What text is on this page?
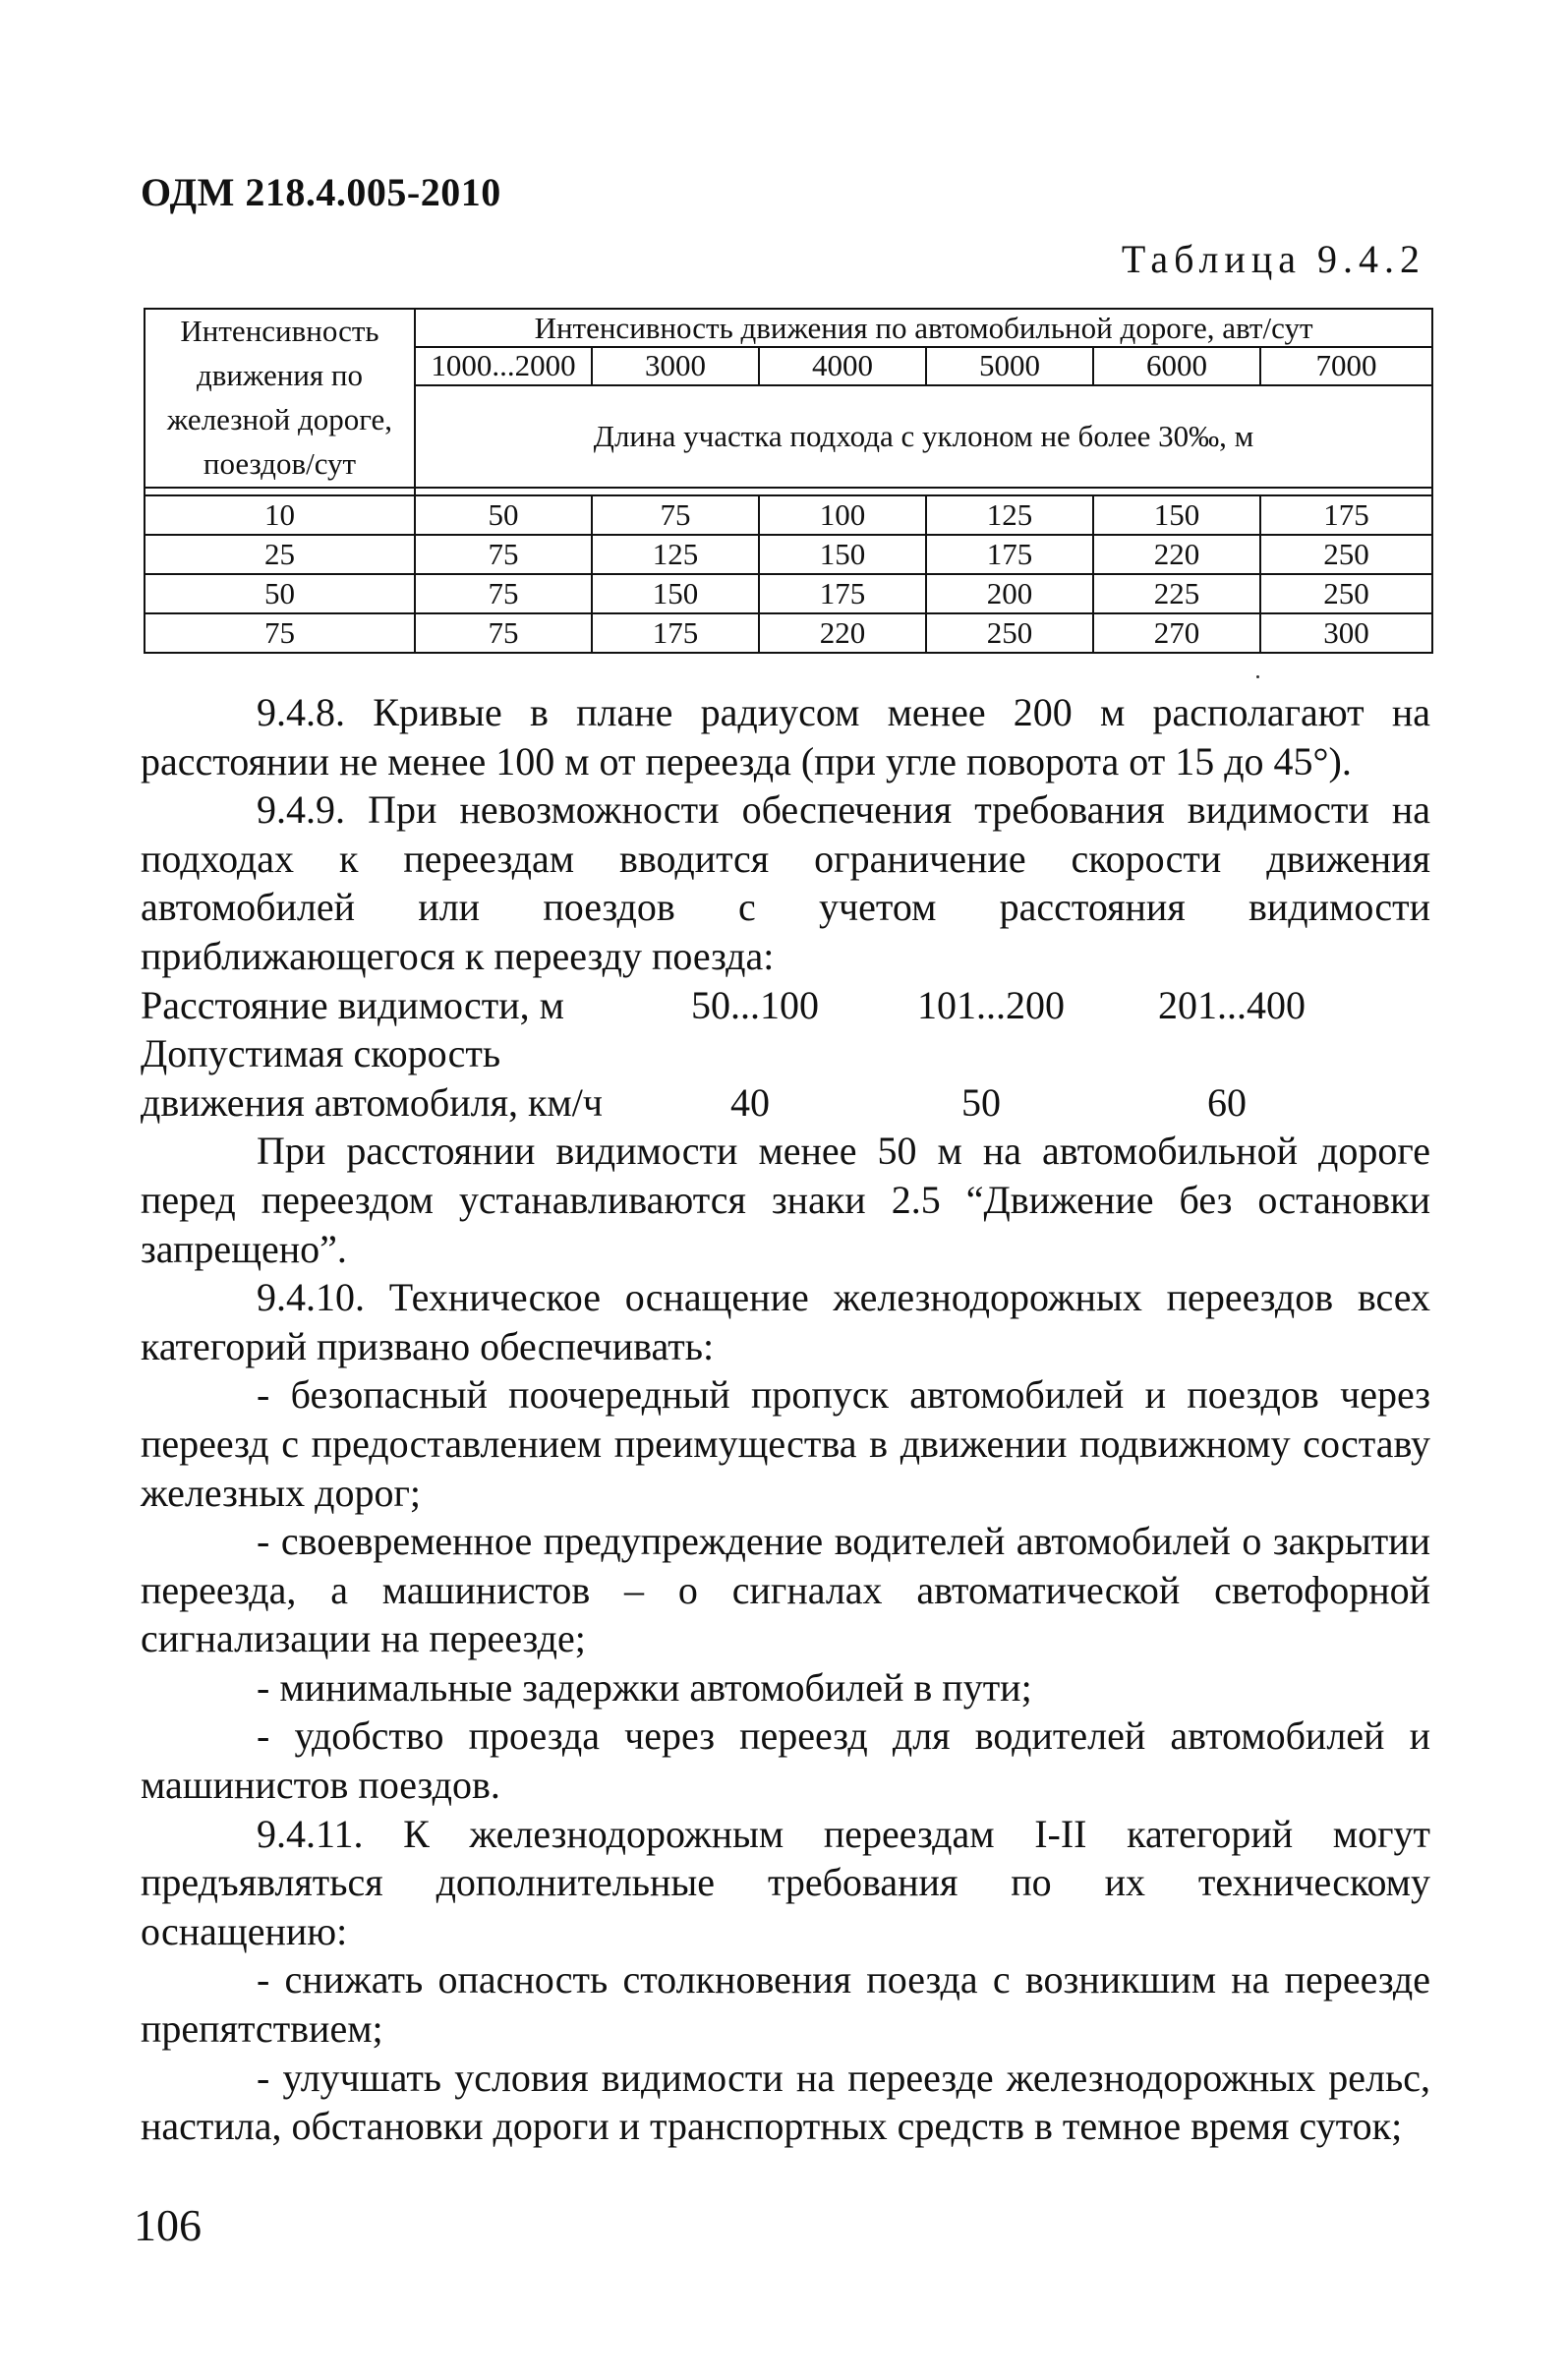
ОДМ 218.4.005-2010
Таблица 9.4.2
Интенсивность движения по железной дороге, поездов/сут	Интенсивность движения по автомобильной дороге, авт/сут					
	1000...2000	3000	4000	5000	6000	7000
	Длина участка подхода с уклоном не более 30‰, м					

10	50	75	100	125	150	175
25	75	125	150	175	220	250
50	75	150	175	200	225	250
75	75	175	220	250	270	300

9.4.8. Кривые в плане радиусом менее 200 м располагают на расстоянии не менее 100 м от переезда (при угле поворота от 15 до 45°).

9.4.9. При невозможности обеспечения требования видимости на подходах к переездам вводится ограничение скорости движения автомобилей или поездов с учетом расстояния видимости приближающегося к переезду поезда:

Расстояние видимости, м	50...100	101...200	201...400
Допустимая скорость
движения автомобиля, км/ч	40	50	60

При расстоянии видимости менее 50 м на автомобильной дороге перед переездом устанавливаются знаки 2.5 “Движение без остановки запрещено”.

9.4.10. Техническое оснащение железнодорожных переездов всех категорий призвано обеспечивать:

- безопасный поочередный пропуск автомобилей и поездов через переезд с предоставлением преимущества в движении подвижному составу железных дорог;

- своевременное предупреждение водителей автомобилей о закрытии переезда, а машинистов – о сигналах автоматической светофорной сигнализации на переезде;

- минимальные задержки автомобилей в пути;

- удобство проезда через переезд для водителей автомобилей и машинистов поездов.

9.4.11. К железнодорожным переездам I-II категорий могут предъявляться дополнительные требования по их техническому оснащению:

- снижать опасность столкновения поезда с возникшим на переезде препятствием;

- улучшать условия видимости на переезде железнодорожных рельс, настила, обстановки дороги и транспортных средств в темное время суток;

106
